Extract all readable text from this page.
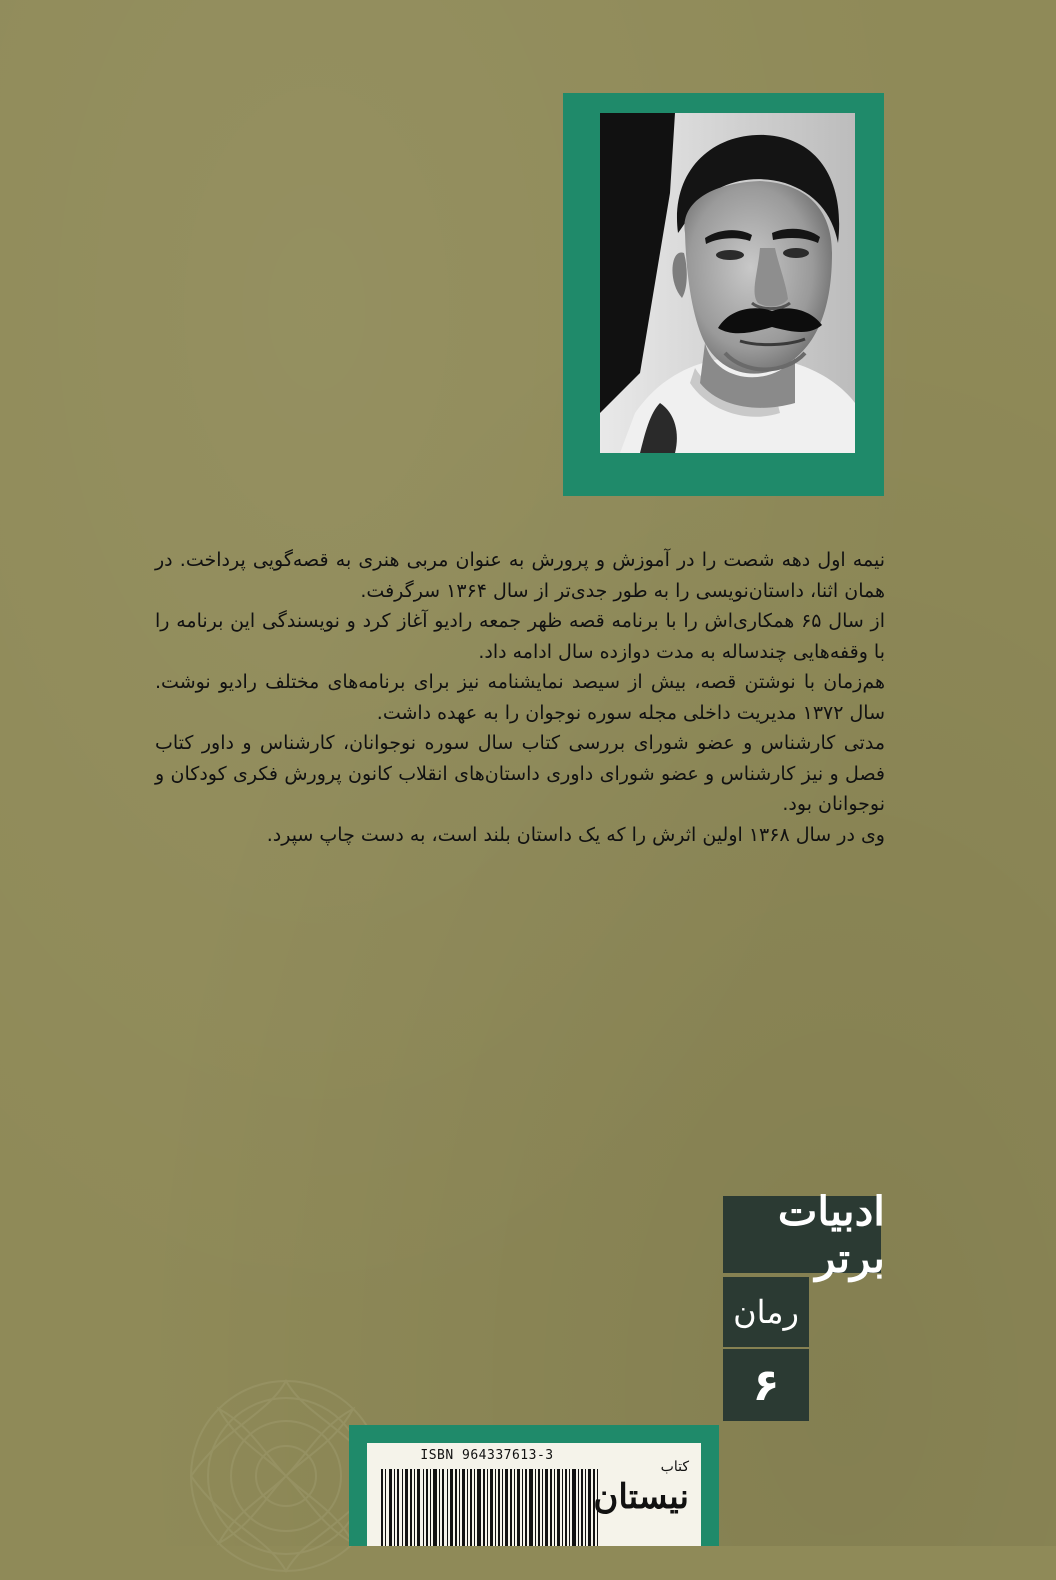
نیمه اول دهه شصت را در آموزش و پرورش به عنوان مربی هنری به قصه‌گویی پرداخت. در همان اثنا، داستان‌نویسی را به طور جدی‌تر از سال ۱۳۶۴ سرگرفت.

از سال ۶۵ همکاری‌اش را با برنامه قصه ظهر جمعه رادیو آغاز کرد و نویسندگی این برنامه را با وقفه‌هایی چندساله به مدت دوازده سال ادامه داد.

هم‌زمان با نوشتن قصه، بیش از سیصد نمایشنامه نیز برای برنامه‌های مختلف رادیو نوشت. سال ۱۳۷۲ مدیریت داخلی مجله سوره نوجوان را به عهده داشت.

مدتی کارشناس و عضو شورای بررسی کتاب سال سوره نوجوانان، کارشناس و داور کتاب فصل و نیز کارشناس و عضو شورای داوری داستان‌های انقلاب کانون پرورش فکری کودکان و نوجوانان بود.

وی در سال ۱۳۶۸ اولین اثرش را که یک داستان بلند است، به دست چاپ سپرد.

ادبیات برتر
رمان
۶
ISBN 964337613-3
کتاب
نیستان
